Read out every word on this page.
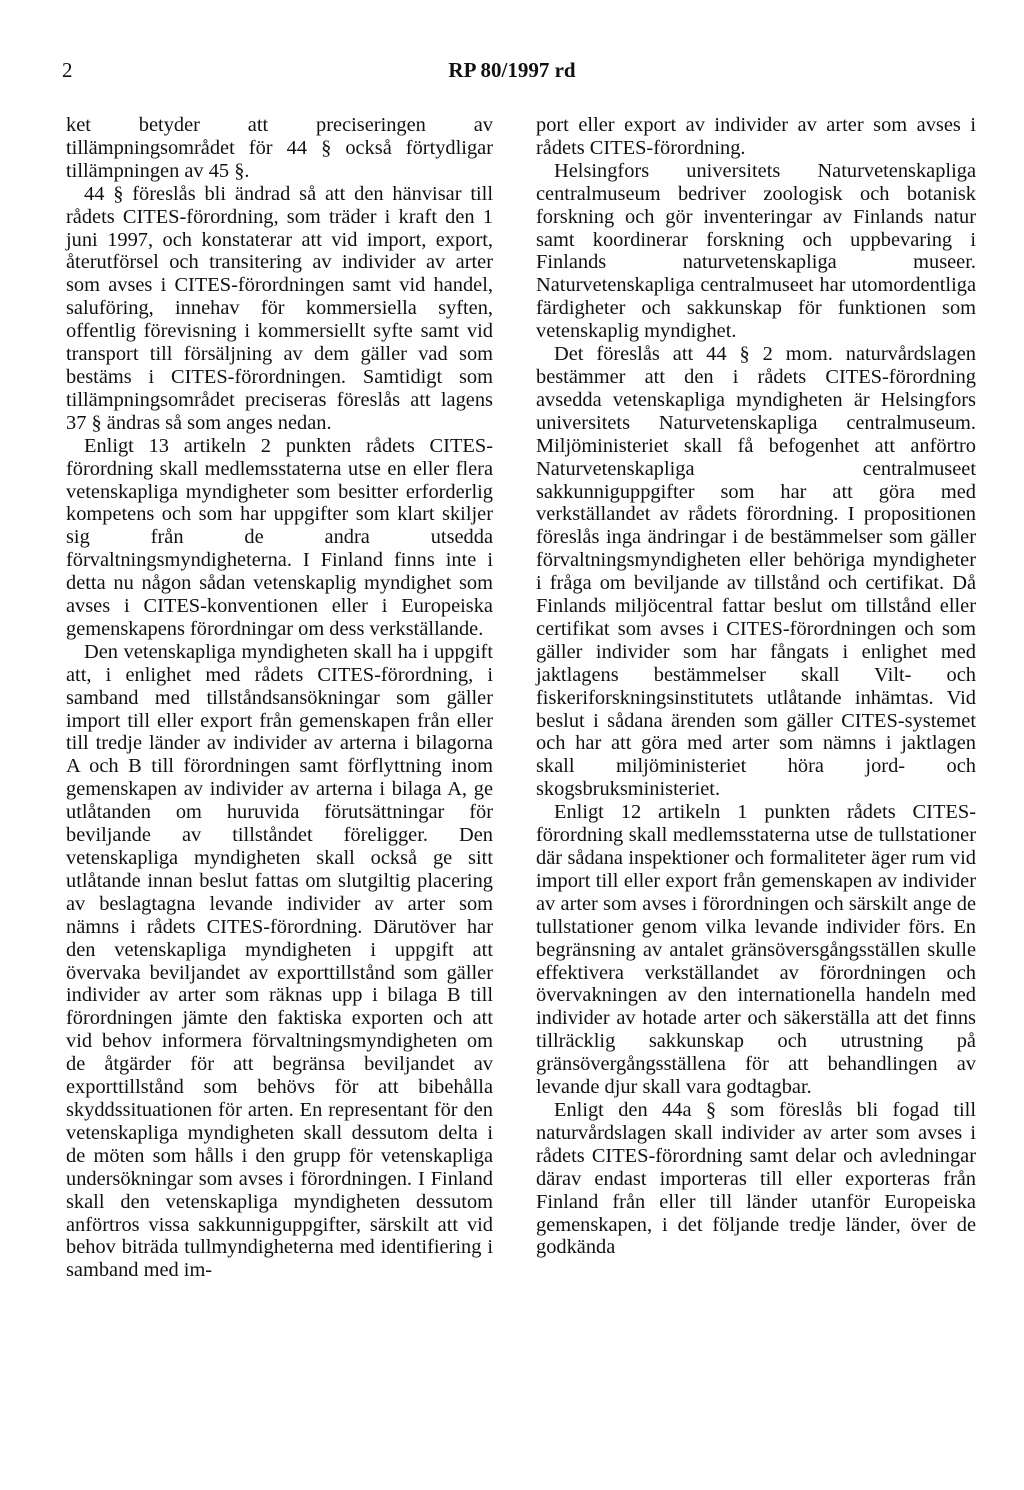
2	RP 80/1997 rd

ket betyder att preciseringen av tillämpningsområdet för 44 § också förtydligar tillämpningen av 45 §.

44 § föreslås bli ändrad så att den hänvisar till rådets CITES-förordning, som träder i kraft den 1 juni 1997, och konstaterar att vid import, export, återutförsel och transitering av individer av arter som avses i CITES-förordningen samt vid handel, saluföring, innehav för kommersiella syften, offentlig förevisning i kommersiellt syfte samt vid transport till försäljning av dem gäller vad som bestäms i CITES-förordningen. Samtidigt som tillämpningsområdet preciseras föreslås att lagens 37 § ändras så som anges nedan.

Enligt 13 artikeln 2 punkten rådets CITES-förordning skall medlemsstaterna utse en eller flera vetenskapliga myndigheter som besitter erforderlig kompetens och som har uppgifter som klart skiljer sig från de andra utsedda förvaltningsmyndigheterna. I Finland finns inte i detta nu någon sådan vetenskaplig myndighet som avses i CITES-konventionen eller i Europeiska gemenskapens förordningar om dess verkställande.

Den vetenskapliga myndigheten skall ha i uppgift att, i enlighet med rådets CITES-förordning, i samband med tillståndsansökningar som gäller import till eller export från gemenskapen från eller till tredje länder av individer av arterna i bilagorna A och B till förordningen samt förflyttning inom gemenskapen av individer av arterna i bilaga A, ge utlåtanden om huruvida förutsättningar för beviljande av tillståndet föreligger. Den vetenskapliga myndigheten skall också ge sitt utlåtande innan beslut fattas om slutgiltig placering av beslagtagna levande individer av arter som nämns i rådets CITES-förordning. Därutöver har den vetenskapliga myndigheten i uppgift att övervaka beviljandet av exporttillstånd som gäller individer av arter som räknas upp i bilaga B till förordningen jämte den faktiska exporten och att vid behov informera förvaltningsmyndigheten om de åtgärder för att begränsa beviljandet av exporttillstånd som behövs för att bibehålla skyddssituationen för arten. En representant för den vetenskapliga myndigheten skall dessutom delta i de möten som hålls i den grupp för vetenskapliga undersökningar som avses i förordningen. I Finland skall den vetenskapliga myndigheten dessutom anförtros vissa sakkunniguppgifter, särskilt att vid behov biträda tullmyndigheterna med identifiering i samband med im-

port eller export av individer av arter som avses i rådets CITES-förordning.

Helsingfors universitets Naturvetenskapliga centralmuseum bedriver zoologisk och botanisk forskning och gör inventeringar av Finlands natur samt koordinerar forskning och uppbevaring i Finlands naturvetenskapliga museer. Naturvetenskapliga centralmuseet har utomordentliga färdigheter och sakkunskap för funktionen som vetenskaplig myndighet.

Det föreslås att 44 § 2 mom. naturvårdslagen bestämmer att den i rådets CITES-förordning avsedda vetenskapliga myndigheten är Helsingfors universitets Naturvetenskapliga centralmuseum. Miljöministeriet skall få befogenhet att anförtro Naturvetenskapliga centralmuseet sakkunniguppgifter som har att göra med verkställandet av rådets förordning. I propositionen föreslås inga ändringar i de bestämmelser som gäller förvaltningsmyndigheten eller behöriga myndigheter i fråga om beviljande av tillstånd och certifikat. Då Finlands miljöcentral fattar beslut om tillstånd eller certifikat som avses i CITES-förordningen och som gäller individer som har fångats i enlighet med jaktlagens bestämmelser skall Vilt- och fiskeriforskningsinstitutets utlåtande inhämtas. Vid beslut i sådana ärenden som gäller CITES-systemet och har att göra med arter som nämns i jaktlagen skall miljöministeriet höra jord- och skogsbruksministeriet.

Enligt 12 artikeln 1 punkten rådets CITES-förordning skall medlemsstaterna utse de tullstationer där sådana inspektioner och formaliteter äger rum vid import till eller export från gemenskapen av individer av arter som avses i förordningen och särskilt ange de tullstationer genom vilka levande individer förs. En begränsning av antalet gränsöversgångsställen skulle effektivera verkställandet av förordningen och övervakningen av den internationella handeln med individer av hotade arter och säkerställa att det finns tillräcklig sakkunskap och utrustning på gränsövergångsställena för att behandlingen av levande djur skall vara godtagbar.

Enligt den 44a § som föreslås bli fogad till naturvårdslagen skall individer av arter som avses i rådets CITES-förordning samt delar och avledningar därav endast importeras till eller exporteras från Finland från eller till länder utanför Europeiska gemenskapen, i det följande tredje länder, över de godkända
